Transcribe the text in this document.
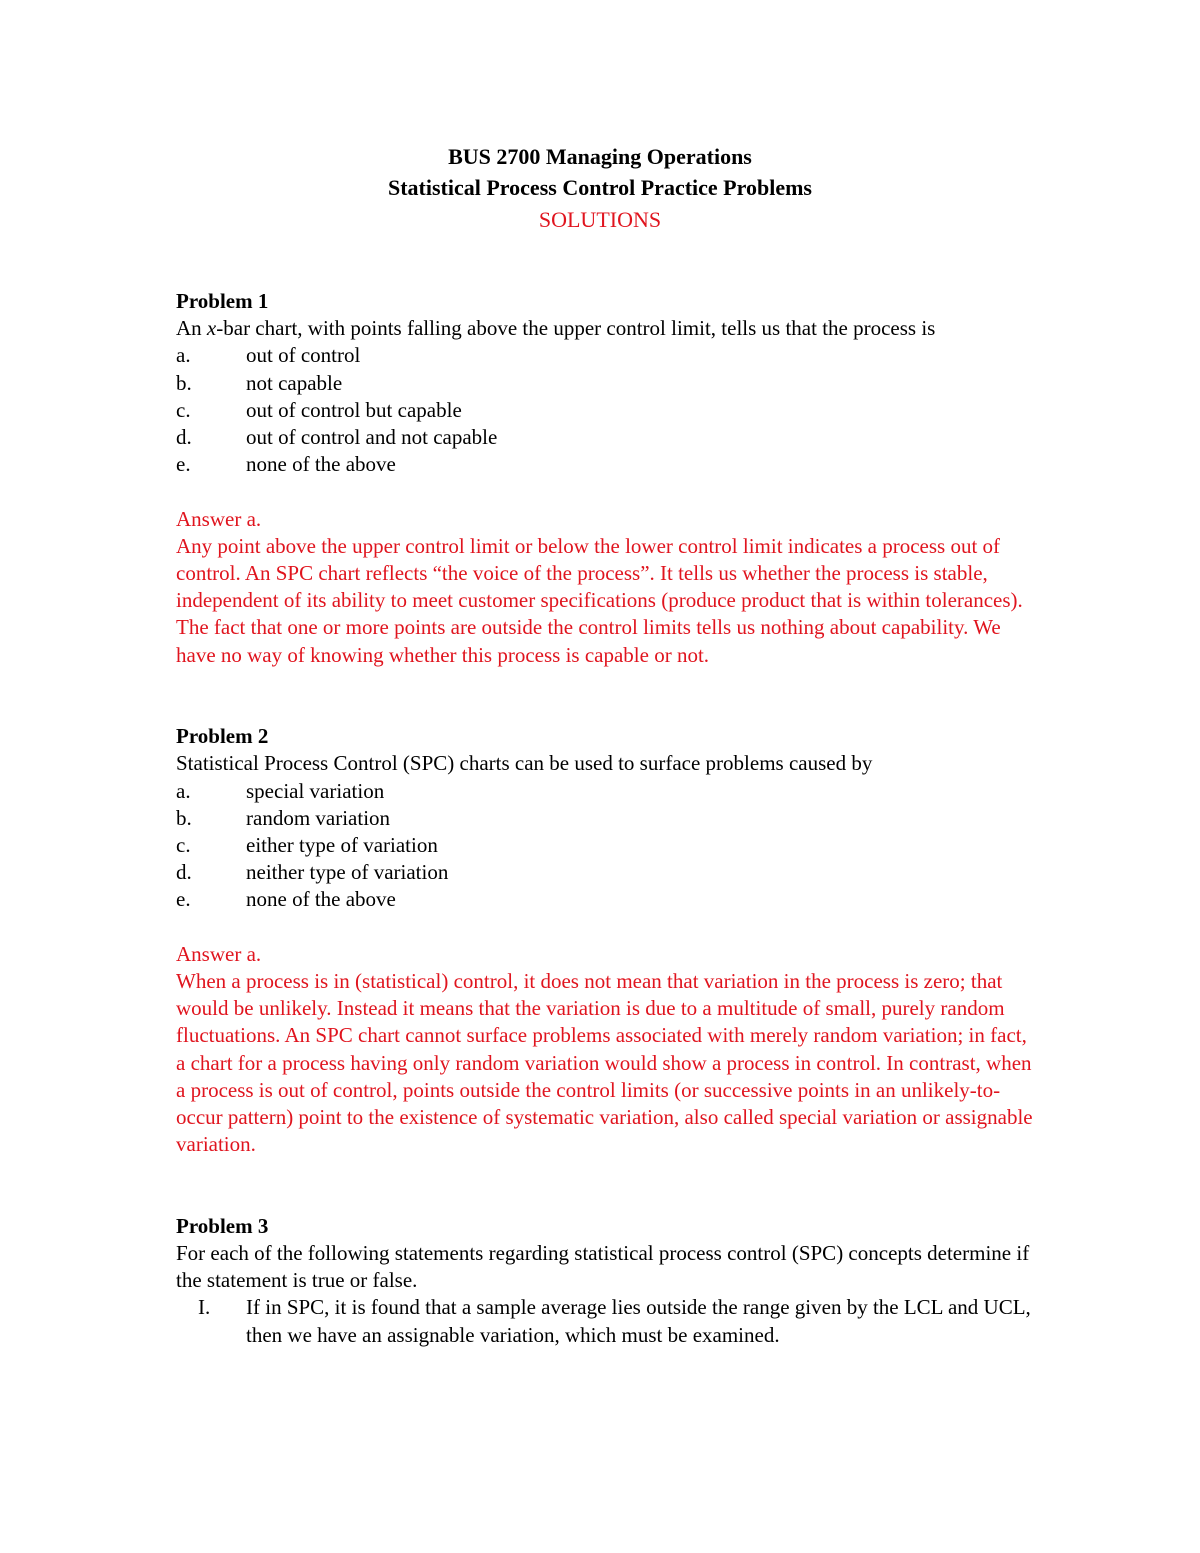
BUS 2700 Managing Operations
Statistical Process Control Practice Problems
SOLUTIONS
Problem 1
An x-bar chart, with points falling above the upper control limit, tells us that the process is
a.	out of control
b.	not capable
c.	out of control but capable
d.	out of control and not capable
e.	none of the above
Answer a.
Any point above the upper control limit or below the lower control limit indicates a process out of control. An SPC chart reflects “the voice of the process”. It tells us whether the process is stable, independent of its ability to meet customer specifications (produce product that is within tolerances). The fact that one or more points are outside the control limits tells us nothing about capability. We have no way of knowing whether this process is capable or not.
Problem 2
Statistical Process Control (SPC) charts can be used to surface problems caused by
a.	special variation
b.	random variation
c.	either type of variation
d.	neither type of variation
e.	none of the above
Answer a.
When a process is in (statistical) control, it does not mean that variation in the process is zero; that would be unlikely. Instead it means that the variation is due to a multitude of small, purely random fluctuations. An SPC chart cannot surface problems associated with merely random variation; in fact, a chart for a process having only random variation would show a process in control. In contrast, when a process is out of control, points outside the control limits (or successive points in an unlikely-to-occur pattern) point to the existence of systematic variation, also called special variation or assignable variation.
Problem 3
For each of the following statements regarding statistical process control (SPC) concepts determine if the statement is true or false.
I.	If in SPC, it is found that a sample average lies outside the range given by the LCL and UCL, then we have an assignable variation, which must be examined.
